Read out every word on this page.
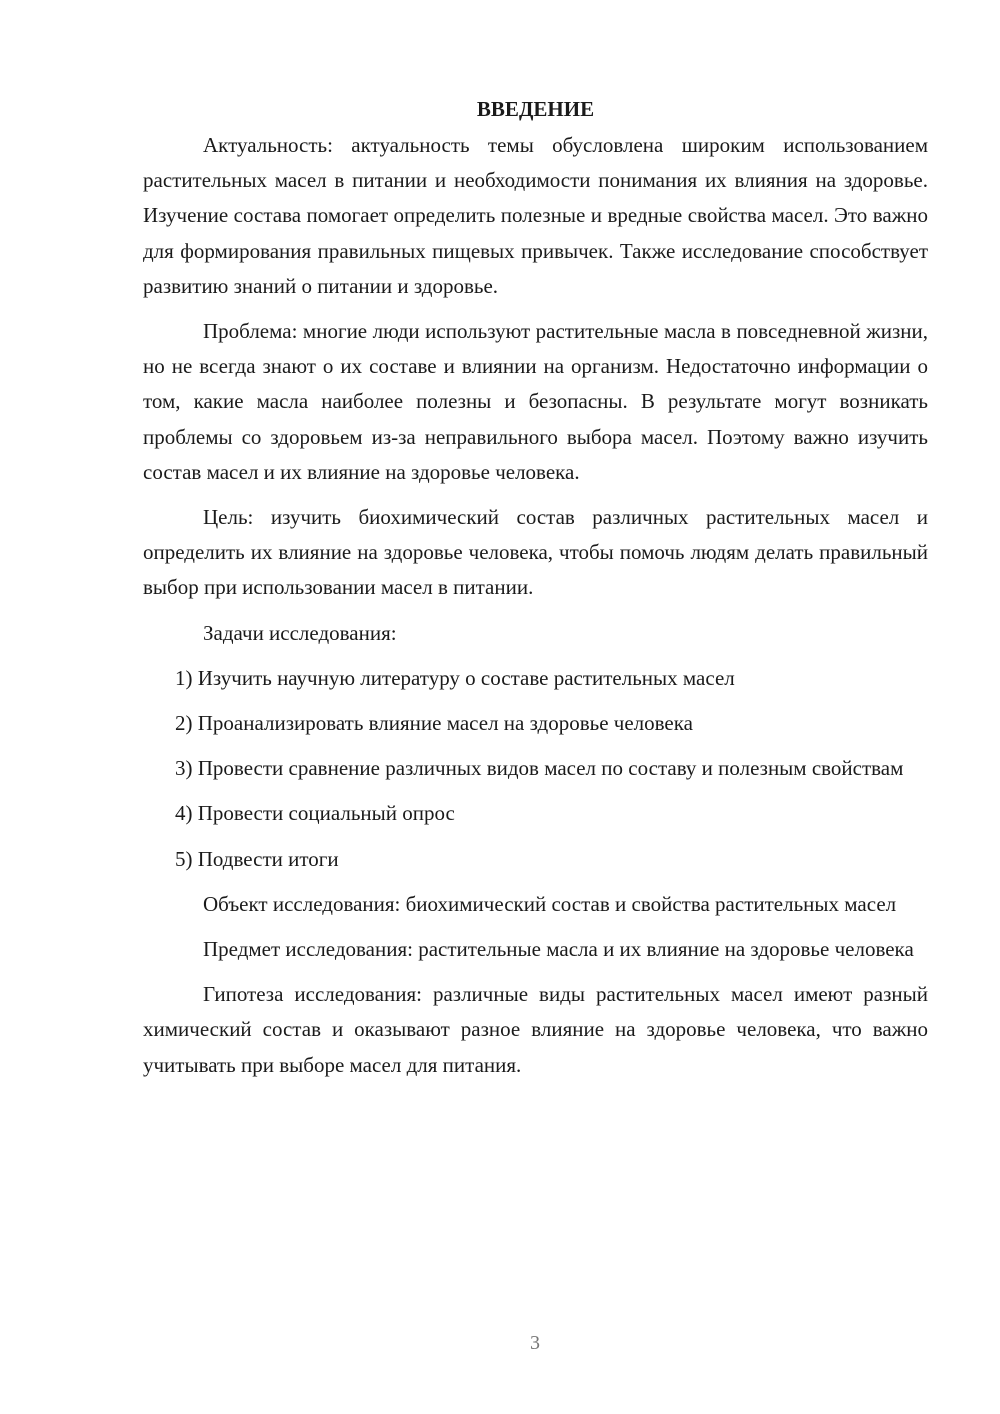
ВВЕДЕНИЕ

Актуальность: актуальность темы обусловлена широким использованием растительных масел в питании и необходимости понимания их влияния на здоровье. Изучение состава помогает определить полезные и вредные свойства масел. Это важно для формирования правильных пищевых привычек. Также исследование способствует развитию знаний о питании и здоровье.

Проблема: многие люди используют растительные масла в повседневной жизни, но не всегда знают о их составе и влиянии на организм. Недостаточно информации о том, какие масла наиболее полезны и безопасны. В результате могут возникать проблемы со здоровьем из-за неправильного выбора масел. Поэтому важно изучить состав масел и их влияние на здоровье человека.

Цель: изучить биохимический состав различных растительных масел и определить их влияние на здоровье человека, чтобы помочь людям делать правильный выбор при использовании масел в питании.

Задачи исследования:

1) Изучить научную литературу о составе растительных масел

2) Проанализировать влияние масел на здоровье человека

3) Провести сравнение различных видов масел по составу и полезным свойствам

4) Провести социальный опрос

5) Подвести итоги

Объект исследования: биохимический состав и свойства растительных масел

Предмет исследования: растительные масла и их влияние на здоровье человека

Гипотеза исследования: различные виды растительных масел имеют разный химический состав и оказывают разное влияние на здоровье человека, что важно учитывать при выборе масел для питания.

3
